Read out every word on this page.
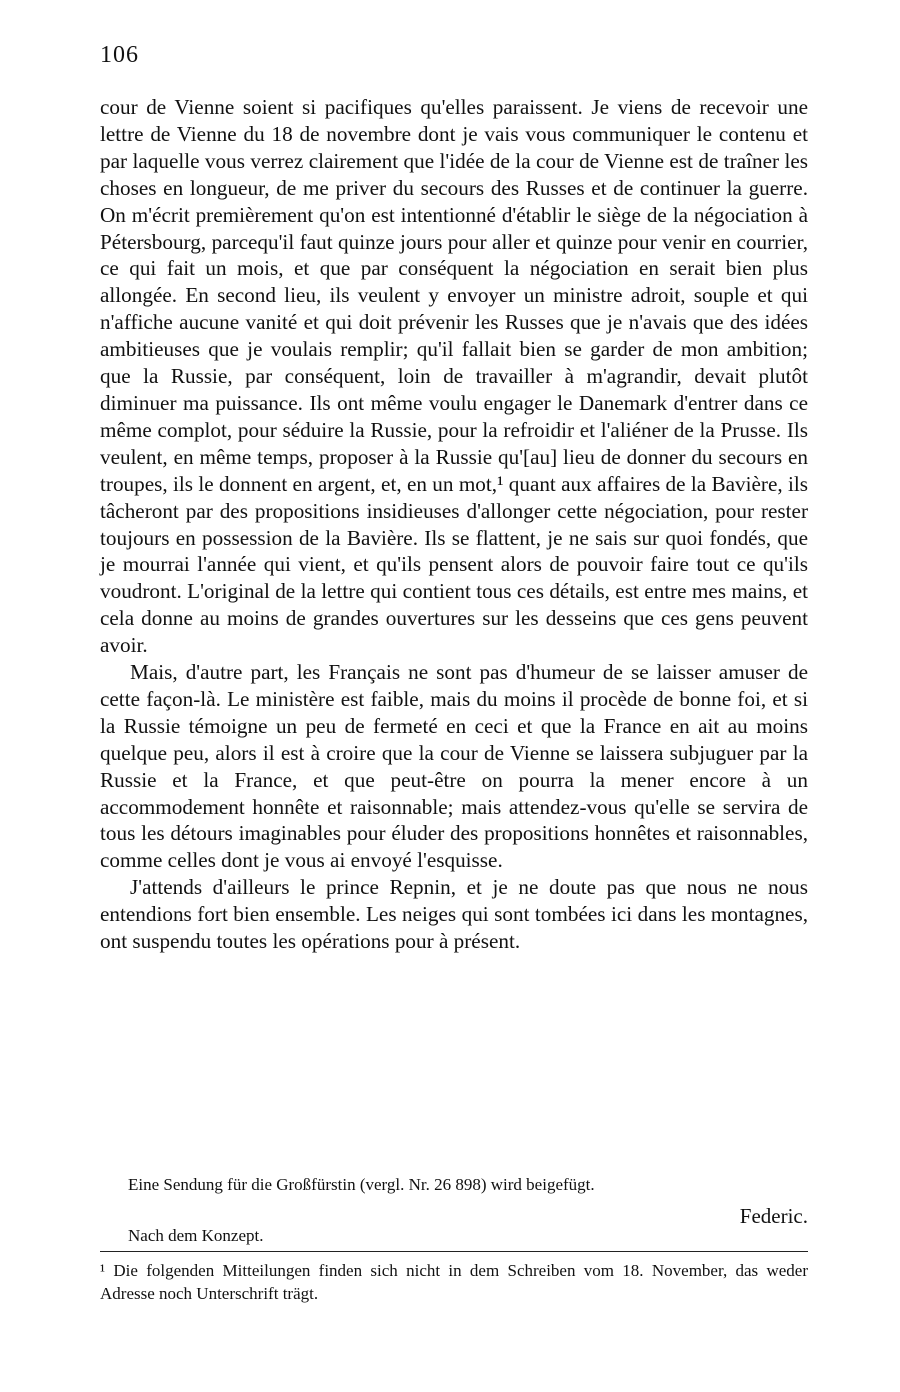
106

cour de Vienne soient si pacifiques qu'elles paraissent. Je viens de recevoir une lettre de Vienne du 18 de novembre dont je vais vous communiquer le contenu et par laquelle vous verrez clairement que l'idée de la cour de Vienne est de traîner les choses en longueur, de me priver du secours des Russes et de continuer la guerre. On m'écrit premièrement qu'on est intentionné d'établir le siège de la négociation à Pétersbourg, parcequ'il faut quinze jours pour aller et quinze pour venir en courrier, ce qui fait un mois, et que par conséquent la négociation en serait bien plus allongée. En second lieu, ils veulent y envoyer un ministre adroit, souple et qui n'affiche aucune vanité et qui doit prévenir les Russes que je n'avais que des idées ambitieuses que je voulais remplir; qu'il fallait bien se garder de mon ambition; que la Russie, par conséquent, loin de travailler à m'agrandir, devait plutôt diminuer ma puissance. Ils ont même voulu engager le Danemark d'entrer dans ce même complot, pour séduire la Russie, pour la refroidir et l'aliéner de la Prusse. Ils veulent, en même temps, proposer à la Russie qu'[au] lieu de donner du secours en troupes, ils le donnent en argent, et, en un mot,¹ quant aux affaires de la Bavière, ils tâcheront par des propositions insidieuses d'allonger cette négociation, pour rester toujours en possession de la Bavière. Ils se flattent, je ne sais sur quoi fondés, que je mourrai l'année qui vient, et qu'ils pensent alors de pouvoir faire tout ce qu'ils voudront. L'original de la lettre qui contient tous ces détails, est entre mes mains, et cela donne au moins de grandes ouvertures sur les desseins que ces gens peuvent avoir.

Mais, d'autre part, les Français ne sont pas d'humeur de se laisser amuser de cette façon-là. Le ministère est faible, mais du moins il procède de bonne foi, et si la Russie témoigne un peu de fermeté en ceci et que la France en ait au moins quelque peu, alors il est à croire que la cour de Vienne se laissera subjuguer par la Russie et la France, et que peut-être on pourra la mener encore à un accommodement honnête et raisonnable; mais attendez-vous qu'elle se servira de tous les détours imaginables pour éluder des propositions honnêtes et raisonnables, comme celles dont je vous ai envoyé l'esquisse.

J'attends d'ailleurs le prince Repnin, et je ne doute pas que nous ne nous entendions fort bien ensemble. Les neiges qui sont tombées ici dans les montagnes, ont suspendu toutes les opérations pour à présent.

Eine Sendung für die Großfürstin (vergl. Nr. 26 898) wird beigefügt.
Federic.
Nach dem Konzept.
¹ Die folgenden Mitteilungen finden sich nicht in dem Schreiben vom 18. November, das weder Adresse noch Unterschrift trägt.
